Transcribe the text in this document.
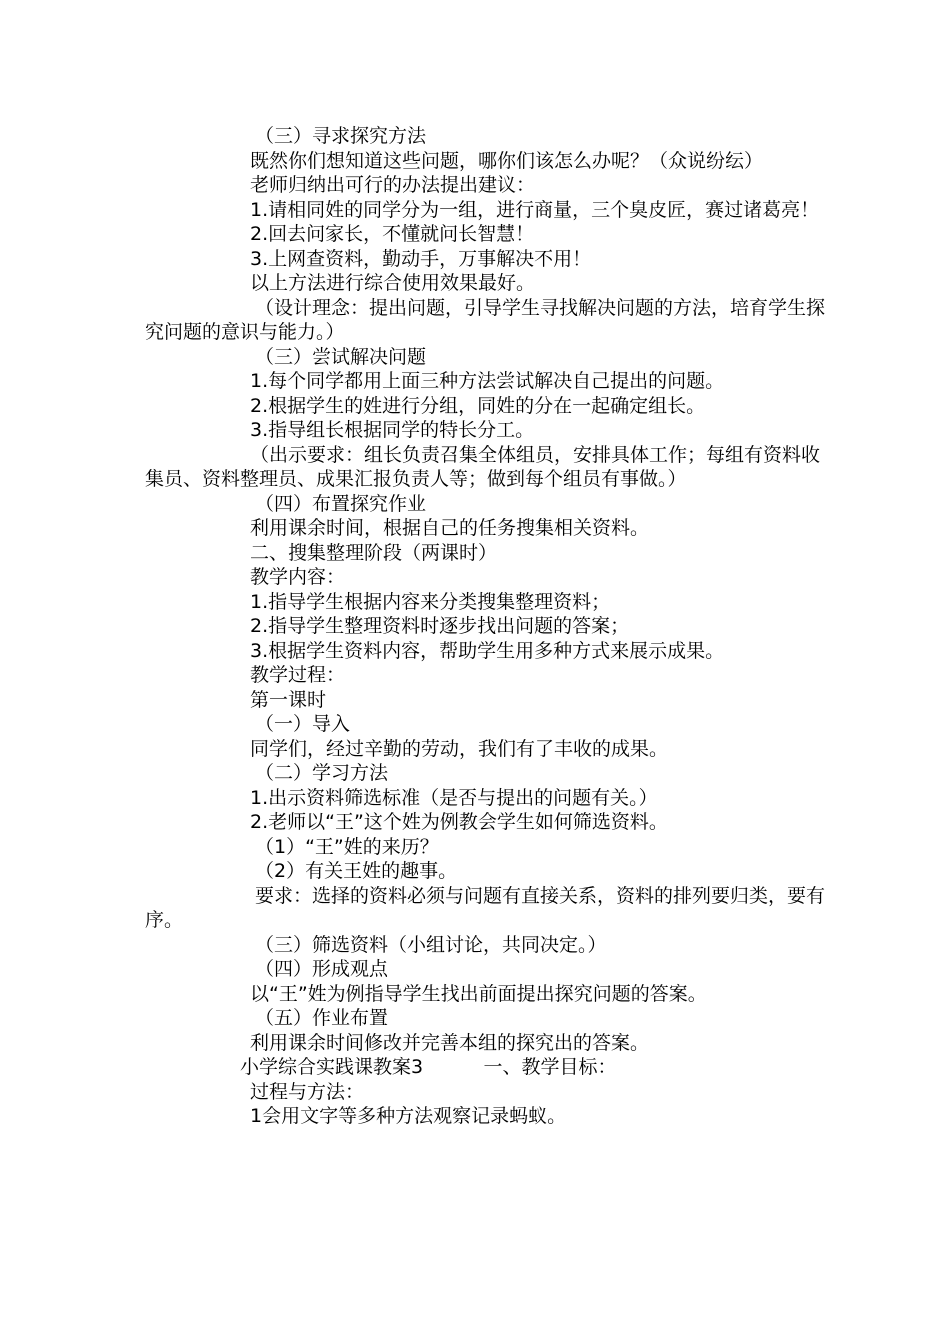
（三）寻求探究方法

既然你们想知道这些问题，哪你们该怎么办呢？（众说纷纭）

老师归纳出可行的办法提出建议：

1.请相同姓的同学分为一组，进行商量，三个臭皮匠，赛过诸葛亮！

2.回去问家长，不懂就问长智慧！

3.上网查资料，勤动手，万事解决不用！

以上方法进行综合使用效果最好。

（设计理念：提出问题，引导学生寻找解决问题的方法，培育学生探究问题的意识与能力。）

（三）尝试解决问题

1.每个同学都用上面三种方法尝试解决自己提出的问题。

2.根据学生的姓进行分组，同姓的分在一起确定组长。

3.指导组长根据同学的特长分工。

（出示要求：组长负责召集全体组员，安排具体工作；每组有资料收集员、资料整理员、成果汇报负责人等；做到每个组员有事做。）

（四）布置探究作业

利用课余时间，根据自己的任务搜集相关资料。

二、搜集整理阶段（两课时）

教学内容：

1.指导学生根据内容来分类搜集整理资料；

2.指导学生整理资料时逐步找出问题的答案；

3.根据学生资料内容，帮助学生用多种方式来展示成果。

教学过程：

第一课时

（一）导入

同学们，经过辛勤的劳动，我们有了丰收的成果。

（二）学习方法

1.出示资料筛选标准（是否与提出的问题有关。）

2.老师以“王”这个姓为例教会学生如何筛选资料。

（1）“王”姓的来历？

（2）有关王姓的趣事。

要求：选择的资料必须与问题有直接关系，资料的排列要归类，要有序。

（三）筛选资料（小组讨论，共同决定。）

（四）形成观点

以“王”姓为例指导学生找出前面提出探究问题的答案。

（五）作业布置

利用课余时间修改并完善本组的探究出的答案。

小学综合实践课教案3          一、教学目标：

过程与方法：

1会用文字等多种方法观察记录蚂蚁。
